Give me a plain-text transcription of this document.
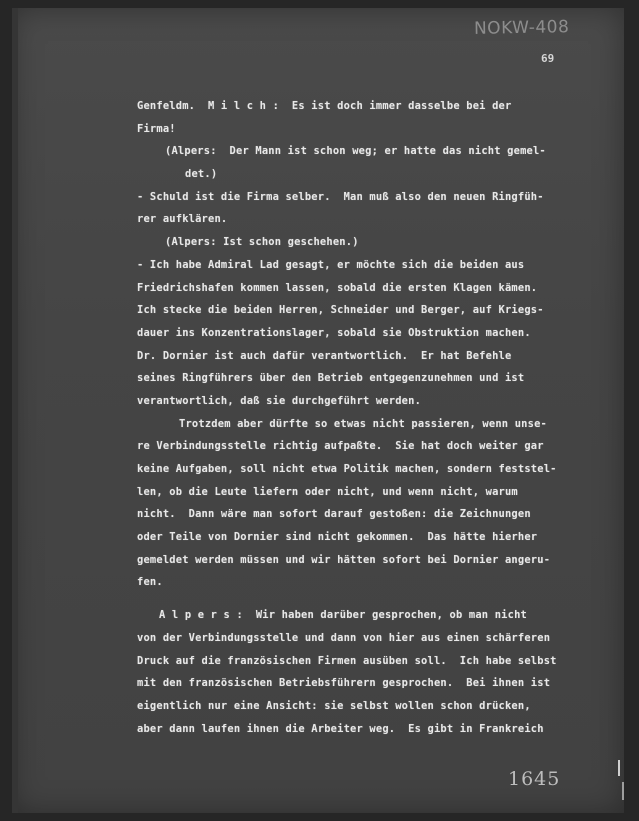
NOKW-408
69
Genfeldm.  M i l c h :  Es ist doch immer dasselbe bei der
Firma!
(Alpers:  Der Mann ist schon weg; er hatte das nicht gemel-
det.)
- Schuld ist die Firma selber.  Man muß also den neuen Ringfüh-
rer aufklären.
(Alpers: Ist schon geschehen.)
- Ich habe Admiral Lad gesagt, er möchte sich die beiden aus
Friedrichshafen kommen lassen, sobald die ersten Klagen kämen.
Ich stecke die beiden Herren, Schneider und Berger, auf Kriegs-
dauer ins Konzentrationslager, sobald sie Obstruktion machen.
Dr. Dornier ist auch dafür verantwortlich.  Er hat Befehle
seines Ringführers über den Betrieb entgegenzunehmen und ist
verantwortlich, daß sie durchgeführt werden.
Trotzdem aber dürfte so etwas nicht passieren, wenn unse-
re Verbindungsstelle richtig aufpaßte.  Sie hat doch weiter gar
keine Aufgaben, soll nicht etwa Politik machen, sondern feststel-
len, ob die Leute liefern oder nicht, und wenn nicht, warum
nicht.  Dann wäre man sofort darauf gestoßen: die Zeichnungen
oder Teile von Dornier sind nicht gekommen.  Das hätte hierher
gemeldet werden müssen und wir hätten sofort bei Dornier angeru-
fen.
A l p e r s :  Wir haben darüber gesprochen, ob man nicht
von der Verbindungsstelle und dann von hier aus einen schärferen
Druck auf die französischen Firmen ausüben soll.  Ich habe selbst
mit den französischen Betriebsführern gesprochen.  Bei ihnen ist
eigentlich nur eine Ansicht: sie selbst wollen schon drücken,
aber dann laufen ihnen die Arbeiter weg.  Es gibt in Frankreich
1645
